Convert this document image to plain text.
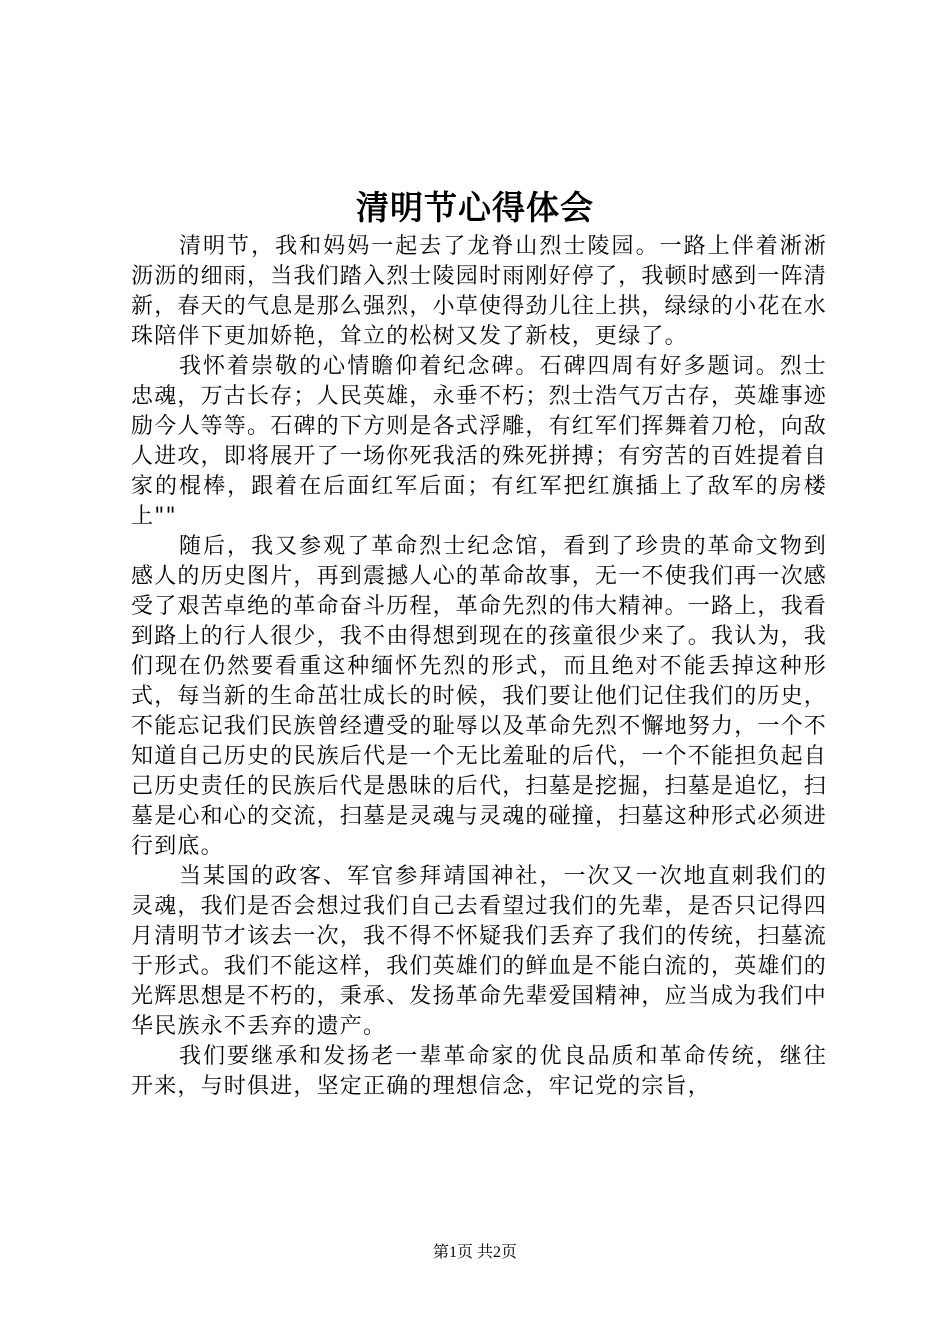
清明节心得体会

清明节，我和妈妈一起去了龙脊山烈士陵园。一路上伴着淅淅沥沥的细雨，当我们踏入烈士陵园时雨刚好停了，我顿时感到一阵清新，春天的气息是那么强烈，小草使得劲儿往上拱，绿绿的小花在水珠陪伴下更加娇艳，耸立的松树又发了新枝，更绿了。

我怀着崇敬的心情瞻仰着纪念碑。石碑四周有好多题词。烈士忠魂，万古长存；人民英雄，永垂不朽；烈士浩气万古存，英雄事迹励今人等等。石碑的下方则是各式浮雕，有红军们挥舞着刀枪，向敌人进攻，即将展开了一场你死我活的殊死拼搏；有穷苦的百姓提着自家的棍棒，跟着在后面红军后面；有红军把红旗插上了敌军的房楼上""

随后，我又参观了革命烈士纪念馆，看到了珍贵的革命文物到感人的历史图片，再到震撼人心的革命故事，无一不使我们再一次感受了艰苦卓绝的革命奋斗历程，革命先烈的伟大精神。一路上，我看到路上的行人很少，我不由得想到现在的孩童很少来了。我认为，我们现在仍然要看重这种缅怀先烈的形式，而且绝对不能丢掉这种形式，每当新的生命茁壮成长的时候，我们要让他们记住我们的历史，不能忘记我们民族曾经遭受的耻辱以及革命先烈不懈地努力，一个不知道自己历史的民族后代是一个无比羞耻的后代，一个不能担负起自己历史责任的民族后代是愚昧的后代，扫墓是挖掘，扫墓是追忆，扫墓是心和心的交流，扫墓是灵魂与灵魂的碰撞，扫墓这种形式必须进行到底。

当某国的政客、军官参拜靖国神社，一次又一次地直刺我们的灵魂，我们是否会想过我们自己去看望过我们的先辈，是否只记得四月清明节才该去一次，我不得不怀疑我们丢弃了我们的传统，扫墓流于形式。我们不能这样，我们英雄们的鲜血是不能白流的，英雄们的光辉思想是不朽的，秉承、发扬革命先辈爱国精神，应当成为我们中华民族永不丢弃的遗产。

我们要继承和发扬老一辈革命家的优良品质和革命传统，继往开来，与时俱进，坚定正确的理想信念，牢记党的宗旨，

第1页 共2页
